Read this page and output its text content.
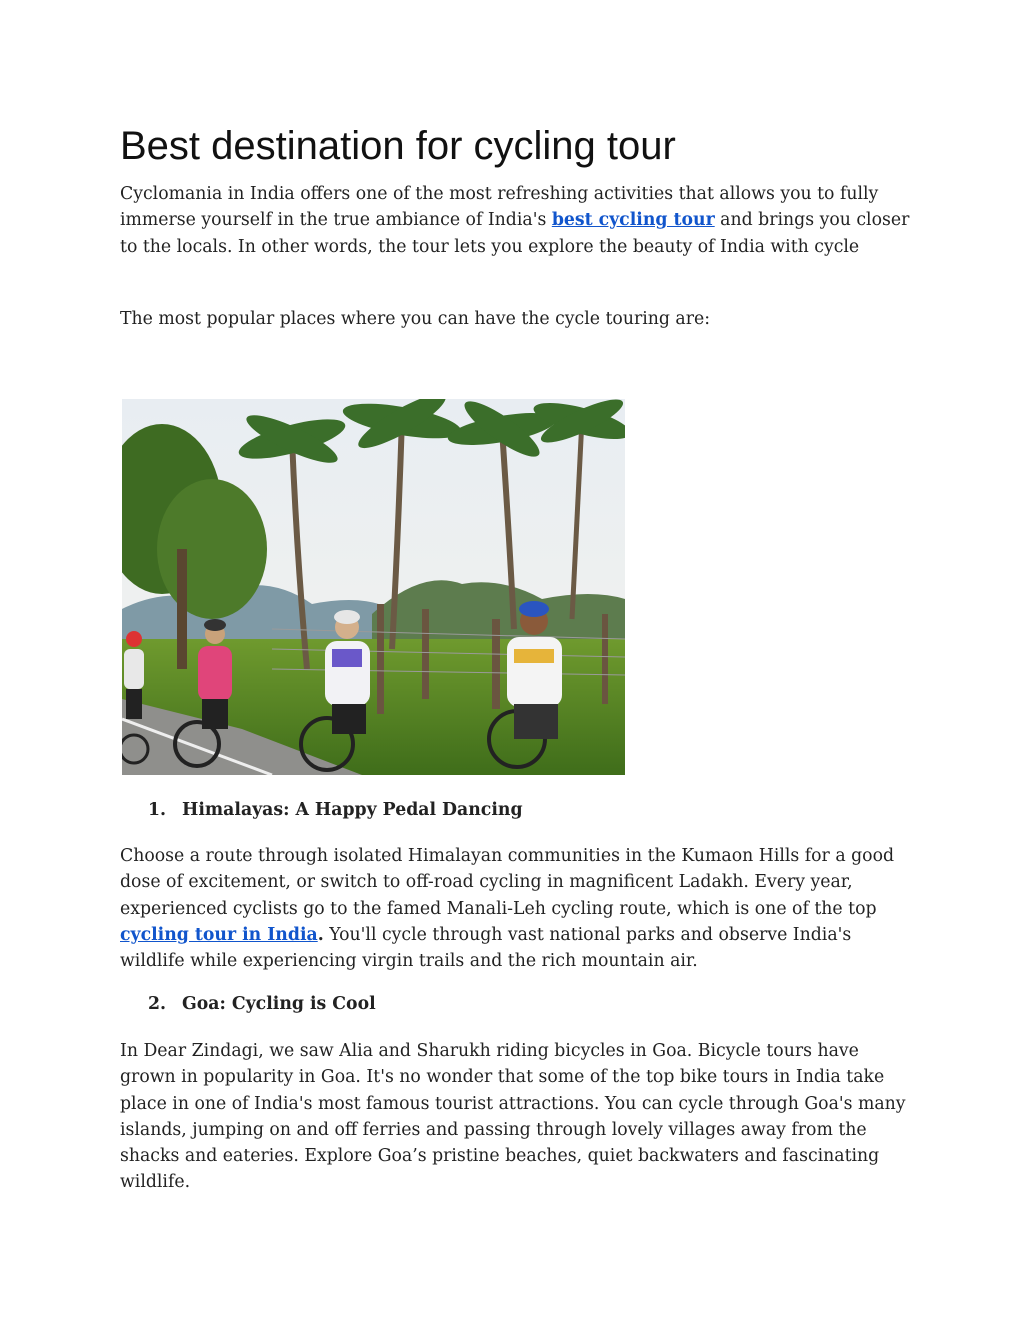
Best destination for cycling tour

Cyclomania in India offers one of the most refreshing activities that allows you to fully immerse yourself in the true ambiance of India's best cycling tour and brings you closer to the locals. In other words, the tour lets you explore the beauty of India with cycle

The most popular places where you can have the cycle touring are:

1. Himalayas: A Happy Pedal Dancing

Choose a route through isolated Himalayan communities in the Kumaon Hills for a good dose of excitement, or switch to off-road cycling in magnificent Ladakh. Every year, experienced cyclists go to the famed Manali-Leh cycling route, which is one of the top cycling tour in India. You'll cycle through vast national parks and observe India's wildlife while experiencing virgin trails and the rich mountain air.

2. Goa: Cycling is Cool

In Dear Zindagi, we saw Alia and Sharukh riding bicycles in Goa. Bicycle tours have grown in popularity in Goa. It's no wonder that some of the top bike tours in India take place in one of India's most famous tourist attractions. You can cycle through Goa's many islands, jumping on and off ferries and passing through lovely villages away from the shacks and eateries. Explore Goa’s pristine beaches, quiet backwaters and fascinating wildlife.
